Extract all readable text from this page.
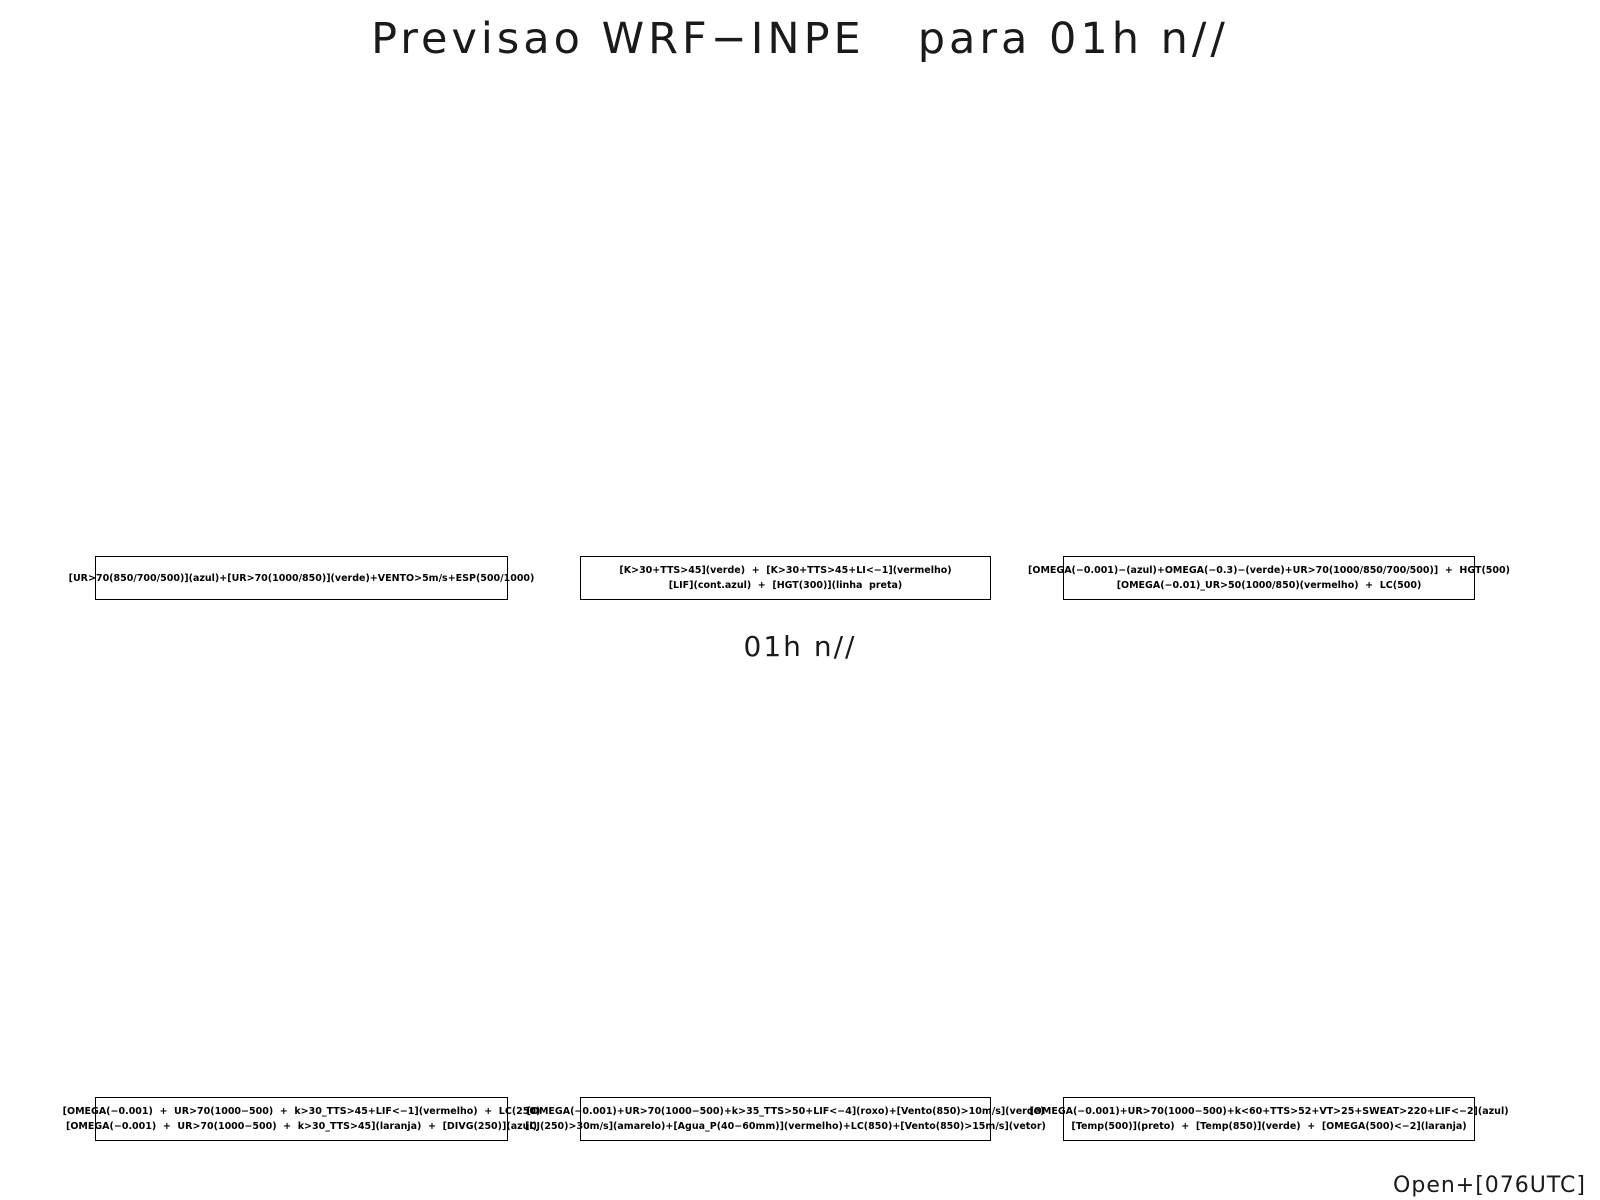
Previsao WRF−INPE   para 01h n//
[UR>70(850/700/500)](azul)+[UR>70(1000/850)](verde)+VENTO>5m/s+ESP(500/1000)
[K>30+TTS>45](verde)  +  [K>30+TTS>45+LI<−1](vermelho)
[LIF](cont.azul)  +  [HGT(300)](linha  preta)
[OMEGA(−0.001)−(azul)+OMEGA(−0.3)−(verde)+UR>70(1000/850/700/500)]  +  HGT(500)
[OMEGA(−0.01)_UR>50(1000/850)(vermelho)  +  LC(500)
01h n//
[OMEGA(−0.001)  +  UR>70(1000−500)  +  k>30_TTS>45+LIF<−1](vermelho)  +  LC(250)
[OMEGA(−0.001)  +  UR>70(1000−500)  +  k>30_TTS>45](laranja)  +  [DIVG(250)](azul)
[OMEGA(−0.001)+UR>70(1000−500)+k>35_TTS>50+LIF<−4](roxo)+[Vento(850)>10m/s](verde)
[CJ(250)>30m/s](amarelo)+[Agua_P(40−60mm)](vermelho)+LC(850)+[Vento(850)>15m/s](vetor)
[OMEGA(−0.001)+UR>70(1000−500)+k<60+TTS>52+VT>25+SWEAT>220+LIF<−2](azul)
[Temp(500)](preto)  +  [Temp(850)](verde)  +  [OMEGA(500)<−2](laranja)
Open+[076UTC]
